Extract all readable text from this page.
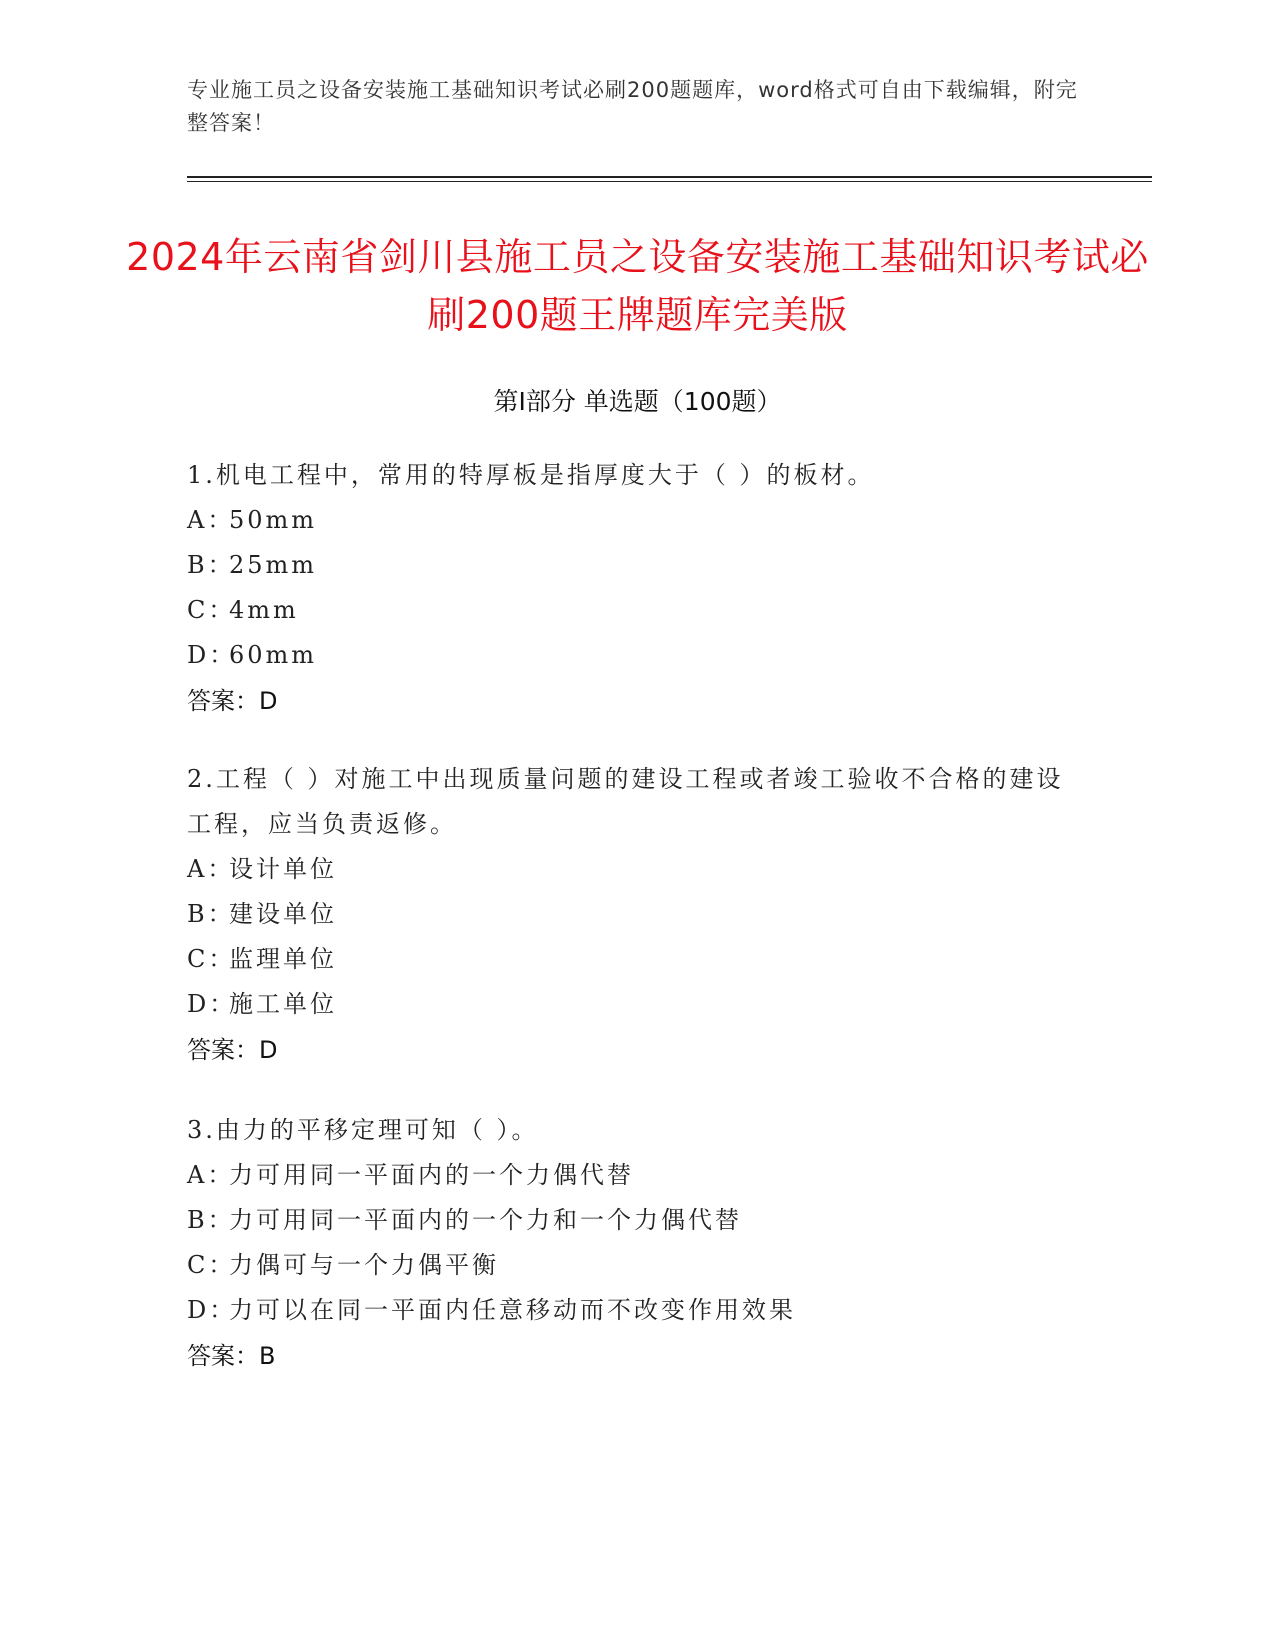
专业施工员之设备安装施工基础知识考试必刷200题题库，word格式可自由下载编辑，附完整答案！
2024年云南省剑川县施工员之设备安装施工基础知识考试必刷200题王牌题库完美版
第I部分 单选题（100题）
1.机电工程中，常用的特厚板是指厚度大于（ ）的板材。
A：50mm
B：25mm
C：4mm
D：60mm
答案：D
2.工程（ ）对施工中出现质量问题的建设工程或者竣工验收不合格的建设工程，应当负责返修。
A：设计单位
B：建设单位
C：监理单位
D：施工单位
答案：D
3.由力的平移定理可知（ ）。
A：力可用同一平面内的一个力偶代替
B：力可用同一平面内的一个力和一个力偶代替
C：力偶可与一个力偶平衡
D：力可以在同一平面内任意移动而不改变作用效果
答案：B
